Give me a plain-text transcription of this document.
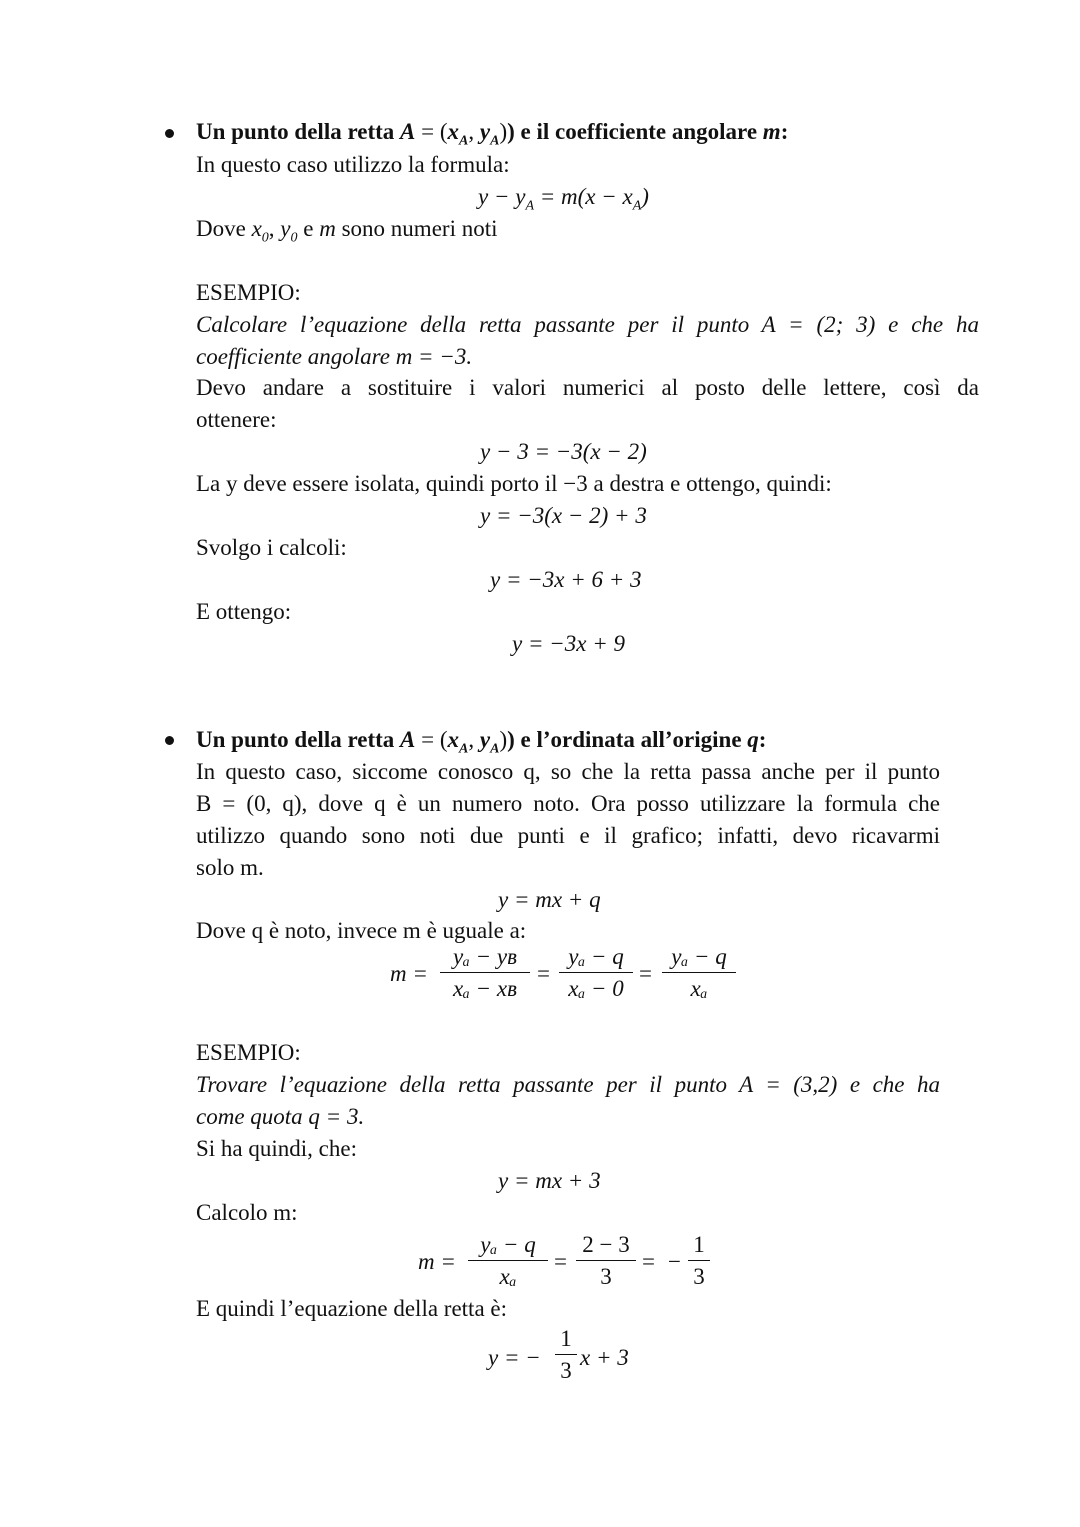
Un punto della retta $A = (x_A$, $y_A$)) e il coefficiente angolare m:
In questo caso utilizzo la formula:
$y - y_A = m(x - x_A)$
Dove $x_0$, $y_0$ e m sono numeri noti
ESEMPIO:
Calcolare l’equazione della retta passante per il punto A = (2; 3) e che ha
coefficiente angolare m = −3.
Devo andare a sostituire i valori numerici al posto delle lettere, così da
ottenere:
y − 3 = −3(x − 2)
La y deve essere isolata, quindi porto il −3 a destra e ottengo, quindi:
y = −3(x − 2) + 3
Svolgo i calcoli:
y = −3x + 6 + 3
E ottengo:
y = −3x + 9
Un punto della retta $A = (x_A$, $y_A$)) e l’ordinata all’origine q:
In questo caso, siccome conosco q, so che la retta passa anche per il punto
B = (0, q), dove q è un numero noto. Ora posso utilizzare la formula che
utilizzo quando sono noti due punti e il grafico; infatti, devo ricavarmi
solo m.
y = mx + q
Dove q è noto, invece m è uguale a:
m =
yₐ − yʙ
xₐ − xʙ
=
yₐ − q
xₐ − 0
=
yₐ − q
xₐ
ESEMPIO:
Trovare l’equazione della retta passante per il punto A = (3,2) e che ha
come quota q = 3.
Si ha quindi, che:
y = mx + 3
Calcolo m:
m =
yₐ − q
xₐ
=
2 − 3
3
= −
1
3
E quindi l’equazione della retta è:
y = −
1
3
x + 3
